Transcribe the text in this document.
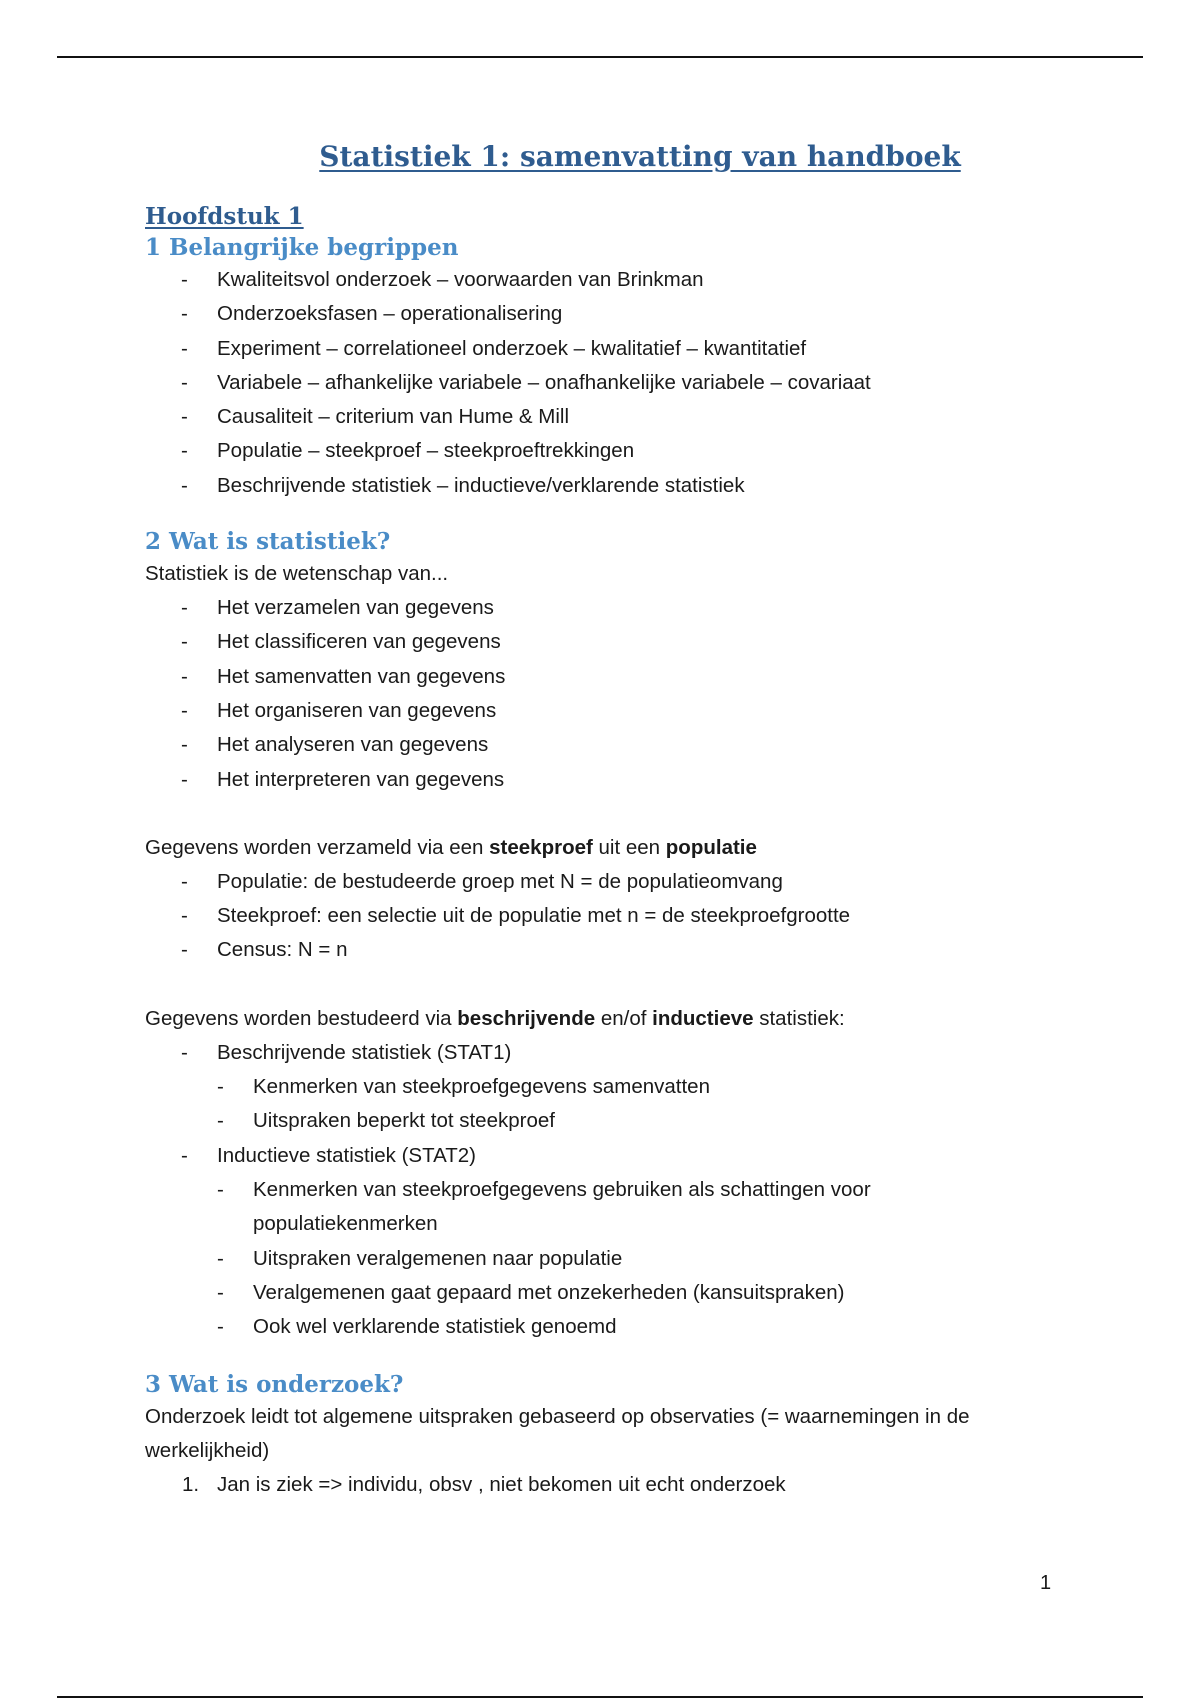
Statistiek 1: samenvatting van handboek
Hoofdstuk 1
1 Belangrijke begrippen
- Kwaliteitsvol onderzoek – voorwaarden van Brinkman
- Onderzoeksfasen – operationalisering
- Experiment – correlationeel onderzoek – kwalitatief – kwantitatief
- Variabele – afhankelijke variabele – onafhankelijke variabele – covariaat
- Causaliteit – criterium van Hume & Mill
- Populatie – steekproef – steekproeftrekkingen
- Beschrijvende statistiek – inductieve/verklarende statistiek
2 Wat is statistiek?

Statistiek is de wetenschap van...

- Het verzamelen van gegevens
- Het classificeren van gegevens
- Het samenvatten van gegevens
- Het organiseren van gegevens
- Het analyseren van gegevens
- Het interpreteren van gegevens

Gegevens worden verzameld via een steekproef uit een populatie

- Populatie: de bestudeerde groep met N = de populatieomvang
- Steekproef: een selectie uit de populatie met n = de steekproefgrootte
- Census: N = n

Gegevens worden bestudeerd via beschrijvende en/of inductieve statistiek:

- Beschrijvende statistiek (STAT1)
- Kenmerken van steekproefgegevens samenvatten
- Uitspraken beperkt tot steekproef
- Inductieve statistiek (STAT2)
- Kenmerken van steekproefgegevens gebruiken als schattingen voor populatiekenmerken
- Uitspraken veralgemenen naar populatie
- Veralgemenen gaat gepaard met onzekerheden (kansuitspraken)
- Ook wel verklarende statistiek genoemd
3 Wat is onderzoek?

Onderzoek leidt tot algemene uitspraken gebaseerd op observaties (= waarnemingen in de werkelijkheid)

1. Jan is ziek => individu, obsv , niet bekomen uit echt onderzoek
1
